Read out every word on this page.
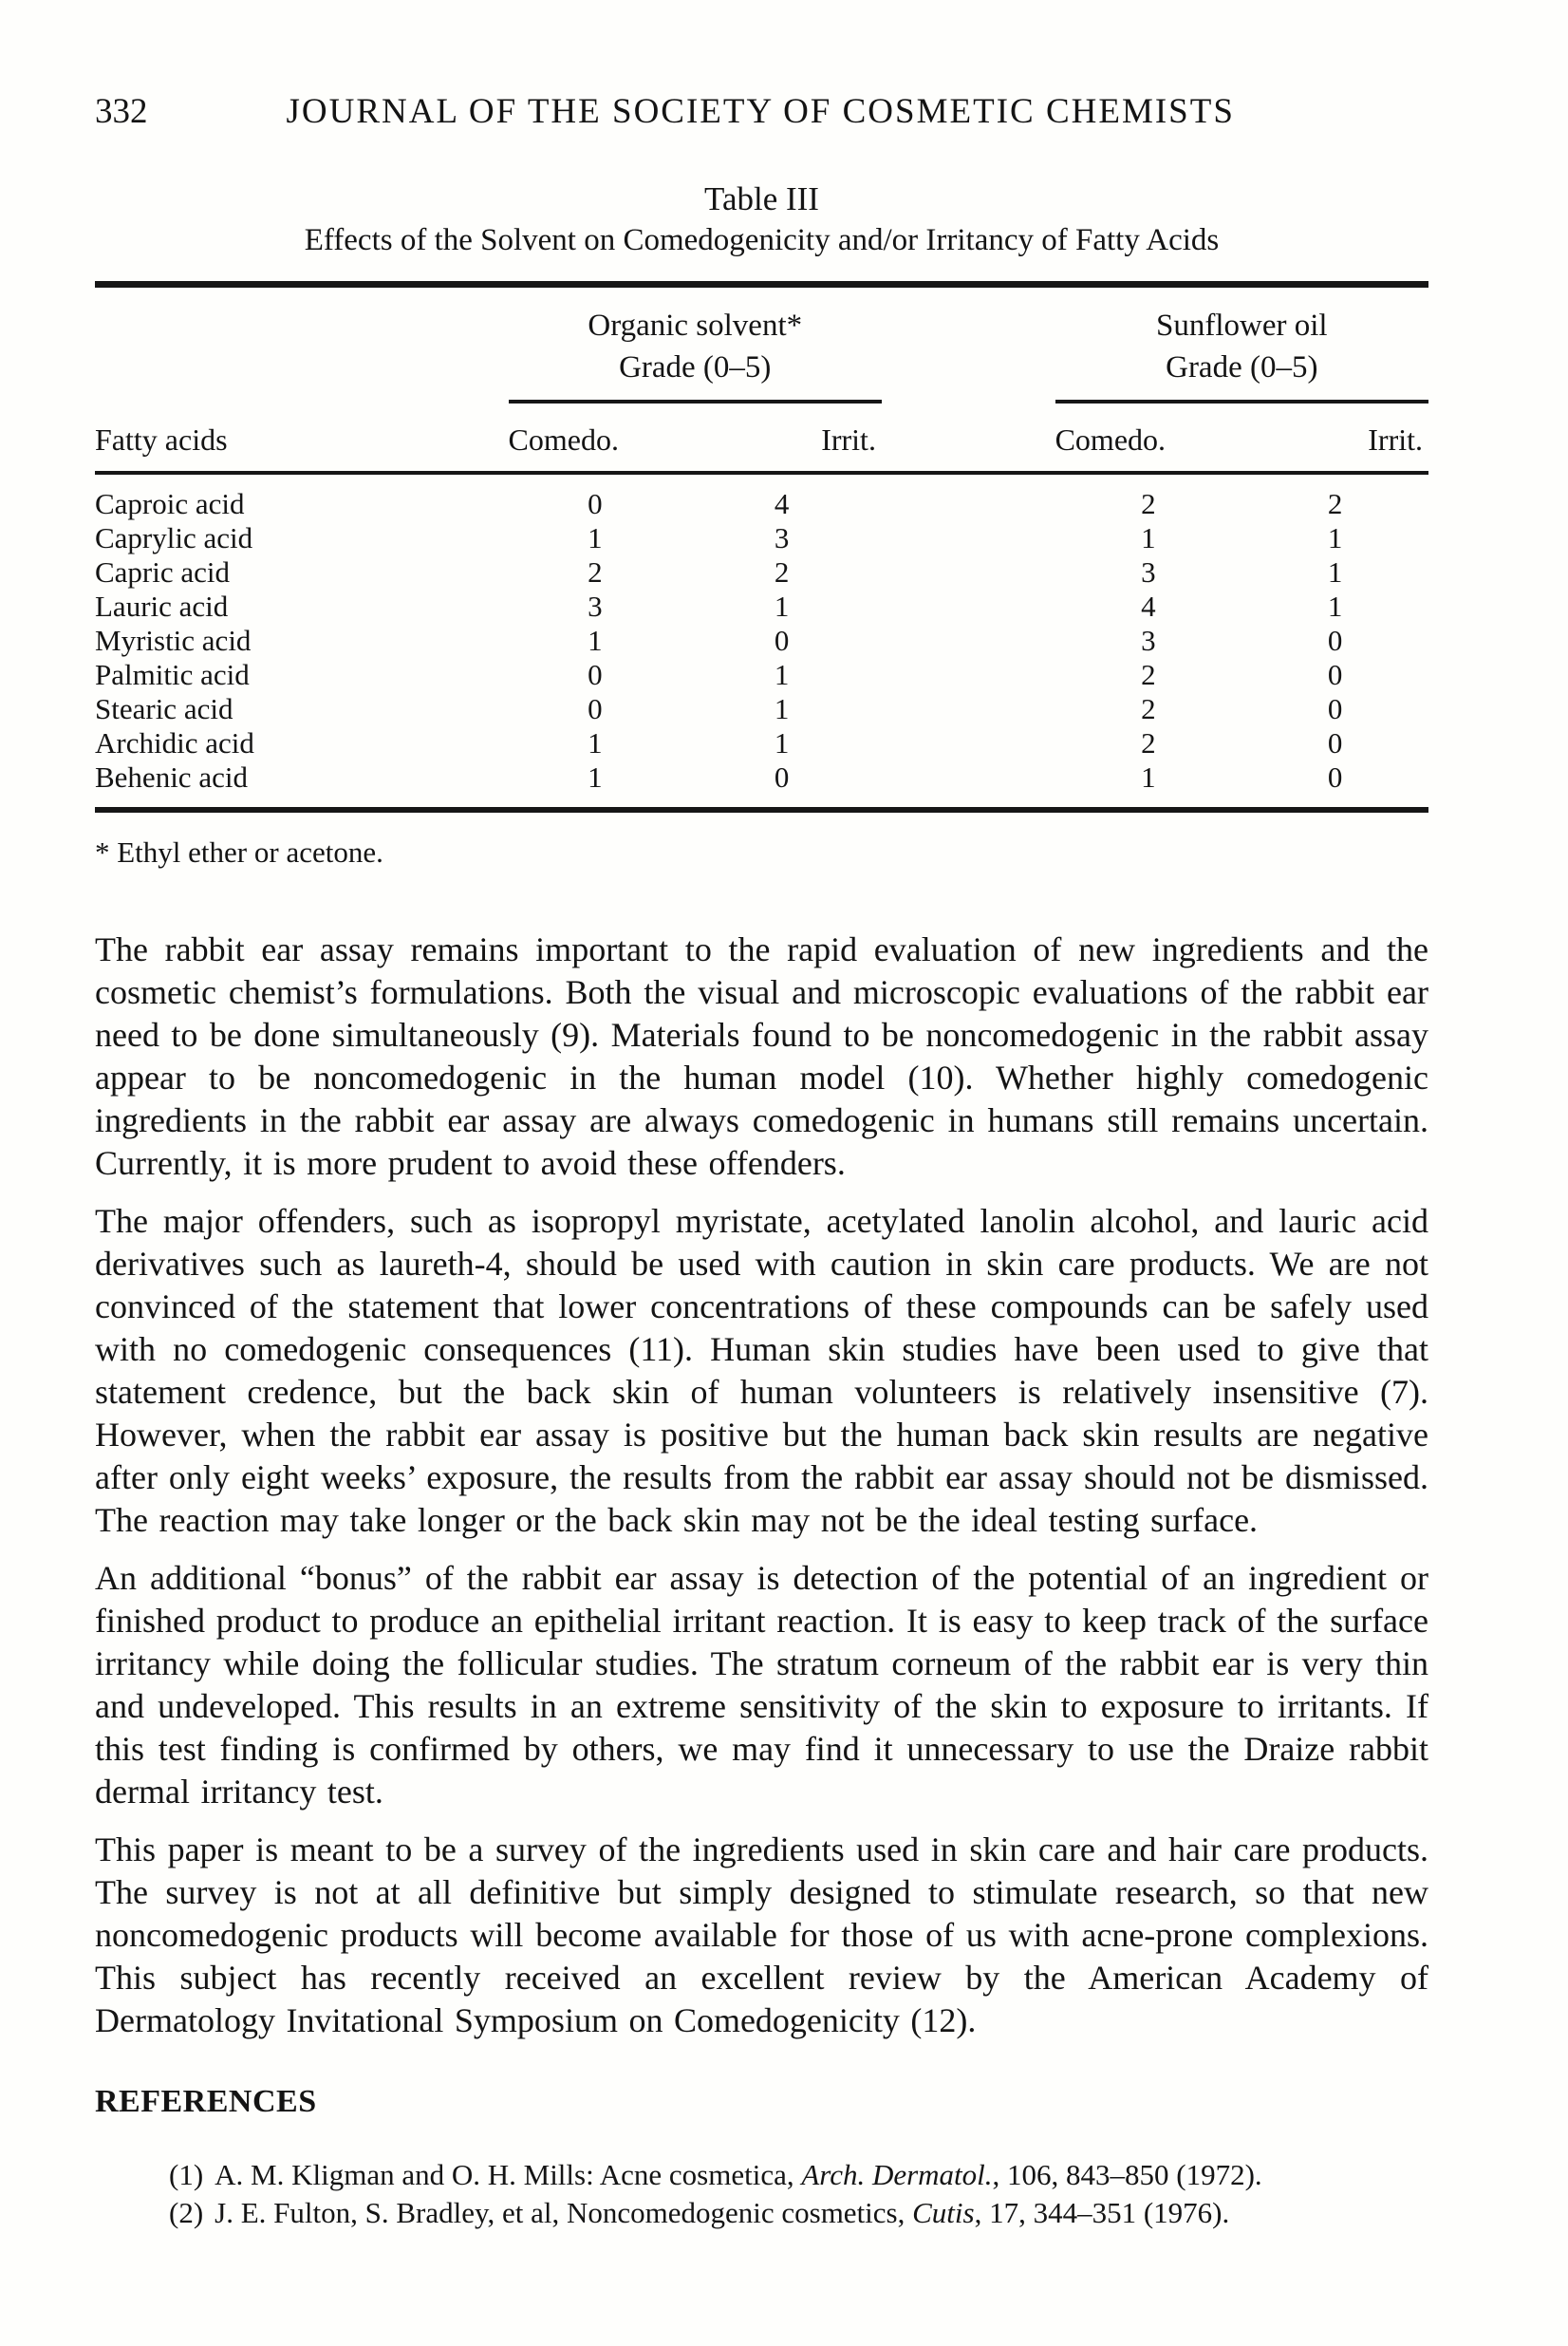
332	JOURNAL OF THE SOCIETY OF COSMETIC CHEMISTS
Table III
Effects of the Solvent on Comedogenicity and/or Irritancy of Fatty Acids

Organic solvent*
Grade (0–5)

Sunflower oil
Grade (0–5)

Fatty acids	Comedo.	Irrit.		Comedo.	Irrit.
Caproic acid	0	4		2	2
Caprylic acid	1	3		1	1
Capric acid	2	2		3	1
Lauric acid	3	1		4	1
Myristic acid	1	0		3	0
Palmitic acid	0	1		2	0
Stearic acid	0	1		2	0
Archidic acid	1	1		2	0
Behenic acid	1	0		1	0
* Ethyl ether or acetone.

The rabbit ear assay remains important to the rapid evaluation of new ingredients and the cosmetic chemist’s formulations. Both the visual and microscopic evaluations of the rabbit ear need to be done simultaneously (9). Materials found to be noncomedogenic in the rabbit assay appear to be noncomedogenic in the human model (10). Whether highly comedogenic ingredients in the rabbit ear assay are always comedogenic in humans still remains uncertain. Currently, it is more prudent to avoid these offenders.

The major offenders, such as isopropyl myristate, acetylated lanolin alcohol, and lauric acid derivatives such as laureth-4, should be used with caution in skin care products. We are not convinced of the statement that lower concentrations of these compounds can be safely used with no comedogenic consequences (11). Human skin studies have been used to give that statement credence, but the back skin of human volunteers is relatively insensitive (7). However, when the rabbit ear assay is positive but the human back skin results are negative after only eight weeks’ exposure, the results from the rabbit ear assay should not be dismissed. The reaction may take longer or the back skin may not be the ideal testing surface.

An additional “bonus” of the rabbit ear assay is detection of the potential of an ingredient or finished product to produce an epithelial irritant reaction. It is easy to keep track of the surface irritancy while doing the follicular studies. The stratum corneum of the rabbit ear is very thin and undeveloped. This results in an extreme sensitivity of the skin to exposure to irritants. If this test finding is confirmed by others, we may find it unnecessary to use the Draize rabbit dermal irritancy test.

This paper is meant to be a survey of the ingredients used in skin care and hair care products. The survey is not at all definitive but simply designed to stimulate research, so that new noncomedogenic products will become available for those of us with acne-prone complexions. This subject has recently received an excellent review by the American Academy of Dermatology Invitational Symposium on Comedogenicity (12).

REFERENCES
(1) A. M. Kligman and O. H. Mills: Acne cosmetica, Arch. Dermatol., 106, 843–850 (1972).
(2) J. E. Fulton, S. Bradley, et al, Noncomedogenic cosmetics, Cutis, 17, 344–351 (1976).
